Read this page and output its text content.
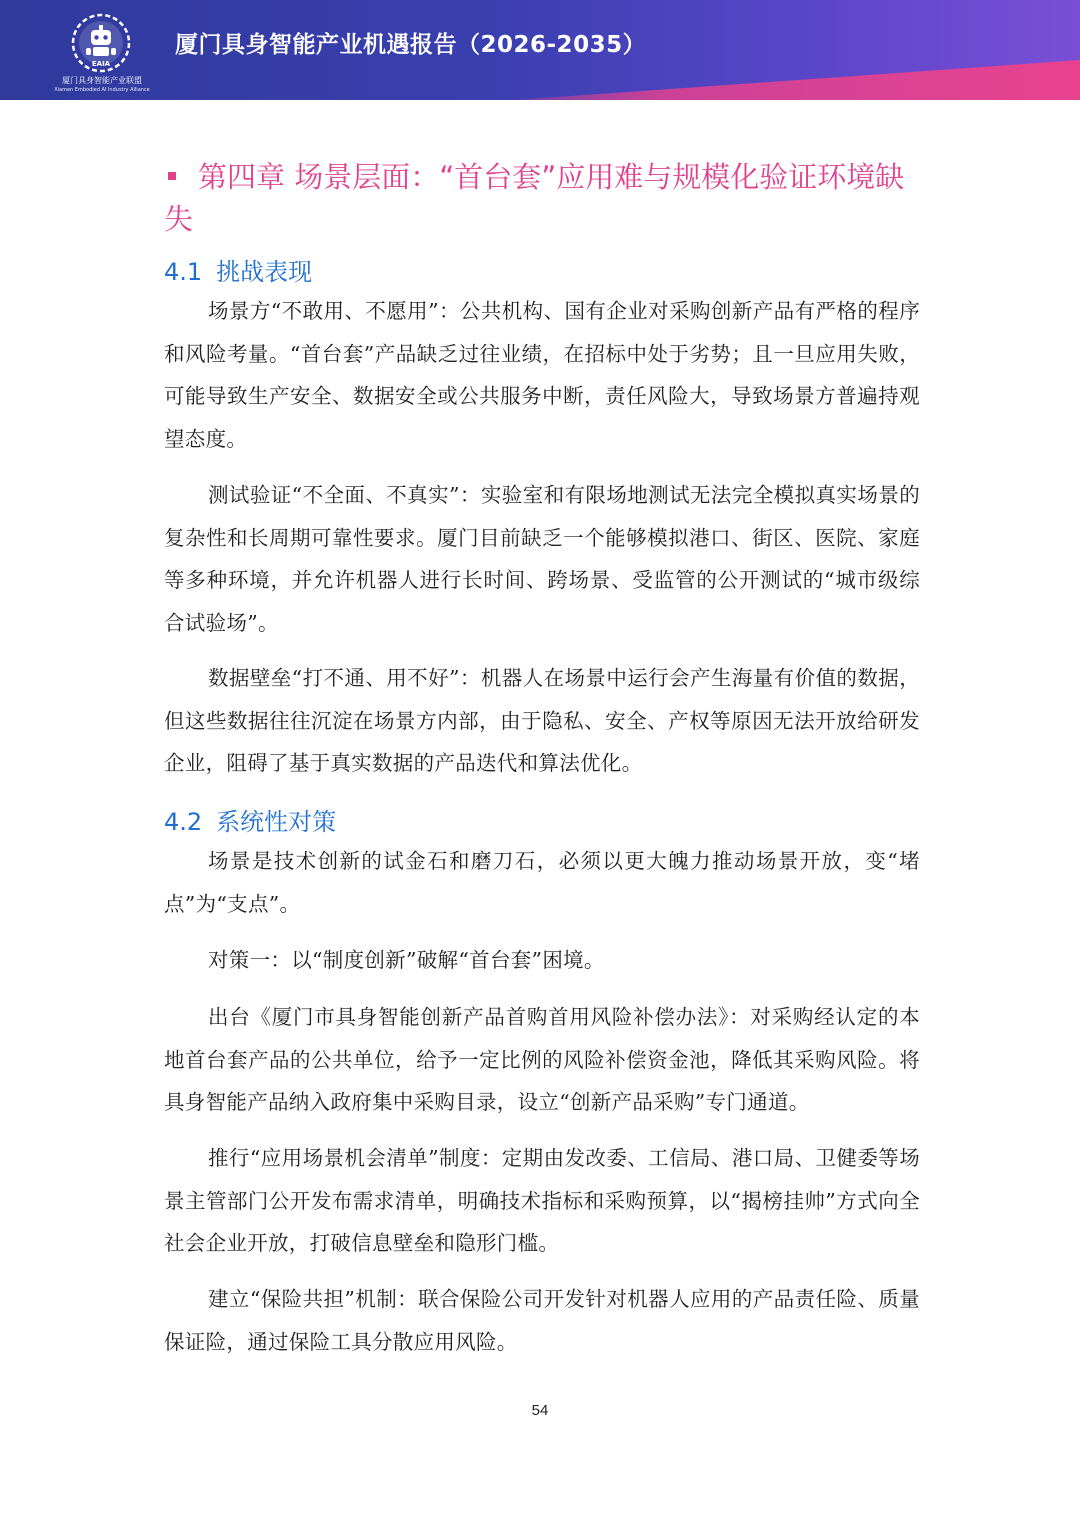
EAIA
厦门具身智能产业联盟
Xiamen Embodied AI Industry Alliance
厦门具身智能产业机遇报告（2026-2035）
第四章 场景层面：“首台套”应用难与规模化验证环境缺失
4.1 挑战表现
场景方“不敢用、不愿用”：公共机构、国有企业对采购创新产品有严格的程序和风险考量。“首台套”产品缺乏过往业绩，在招标中处于劣势；且一旦应用失败，可能导致生产安全、数据安全或公共服务中断，责任风险大，导致场景方普遍持观望态度。
测试验证“不全面、不真实”：实验室和有限场地测试无法完全模拟真实场景的复杂性和长周期可靠性要求。厦门目前缺乏一个能够模拟港口、街区、医院、家庭等多种环境，并允许机器人进行长时间、跨场景、受监管的公开测试的“城市级综合试验场”。
数据壁垒“打不通、用不好”：机器人在场景中运行会产生海量有价值的数据，但这些数据往往沉淀在场景方内部，由于隐私、安全、产权等原因无法开放给研发企业，阻碍了基于真实数据的产品迭代和算法优化。
4.2 系统性对策
场景是技术创新的试金石和磨刀石，必须以更大魄力推动场景开放，变“堵点”为“支点”。
对策一：以“制度创新”破解“首台套”困境。
出台《厦门市具身智能创新产品首购首用风险补偿办法》：对采购经认定的本地首台套产品的公共单位，给予一定比例的风险补偿资金池，降低其采购风险。将具身智能产品纳入政府集中采购目录，设立“创新产品采购”专门通道。
推行“应用场景机会清单”制度：定期由发改委、工信局、港口局、卫健委等场景主管部门公开发布需求清单，明确技术指标和采购预算，以“揭榜挂帅”方式向全社会企业开放，打破信息壁垒和隐形门槛。
建立“保险共担”机制：联合保险公司开发针对机器人应用的产品责任险、质量保证险，通过保险工具分散应用风险。
54
